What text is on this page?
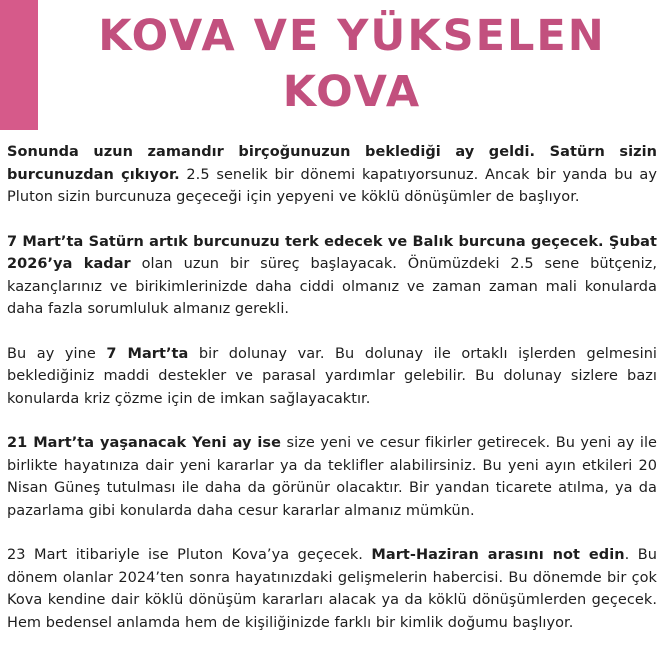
KOVA VE YÜKSELEN
KOVA

Sonunda uzun zamandır birçoğunuzun beklediği ay geldi. Satürn sizin burcunuzdan çıkıyor. 2.5 senelik bir dönemi kapatıyorsunuz. Ancak bir yanda bu ay Pluton sizin burcunuza geçeceği için yepyeni ve köklü dönüşümler de başlıyor.

7 Mart’ta Satürn artık burcunuzu terk edecek ve Balık burcuna geçecek. Şubat 2026’ya kadar olan uzun bir süreç başlayacak. Önümüzdeki 2.5 sene bütçeniz, kazançlarınız ve birikimlerinizde daha ciddi olmanız ve zaman zaman mali konularda daha fazla sorumluluk almanız gerekli.

Bu ay yine 7 Mart’ta bir dolunay var. Bu dolunay ile ortaklı işlerden gelmesini beklediğiniz maddi destekler ve parasal yardımlar gelebilir. Bu dolunay sizlere bazı konularda kriz çözme için de imkan sağlayacaktır.

21 Mart’ta yaşanacak Yeni ay ise size yeni ve cesur fikirler getirecek. Bu yeni ay ile birlikte hayatınıza dair yeni kararlar ya da teklifler alabilirsiniz. Bu yeni ayın etkileri 20 Nisan Güneş tutulması ile daha da görünür olacaktır. Bir yandan ticarete atılma, ya da pazarlama gibi konularda daha cesur kararlar almanız mümkün.

23 Mart itibariyle ise Pluton Kova’ya geçecek. Mart-Haziran arasını not edin. Bu dönem olanlar 2024’ten sonra hayatınızdaki gelişmelerin habercisi. Bu dönemde bir çok Kova kendine dair köklü dönüşüm kararları alacak ya da köklü dönüşümlerden geçecek. Hem bedensel anlamda hem de kişiliğinizde farklı bir kimlik doğumu başlıyor.
